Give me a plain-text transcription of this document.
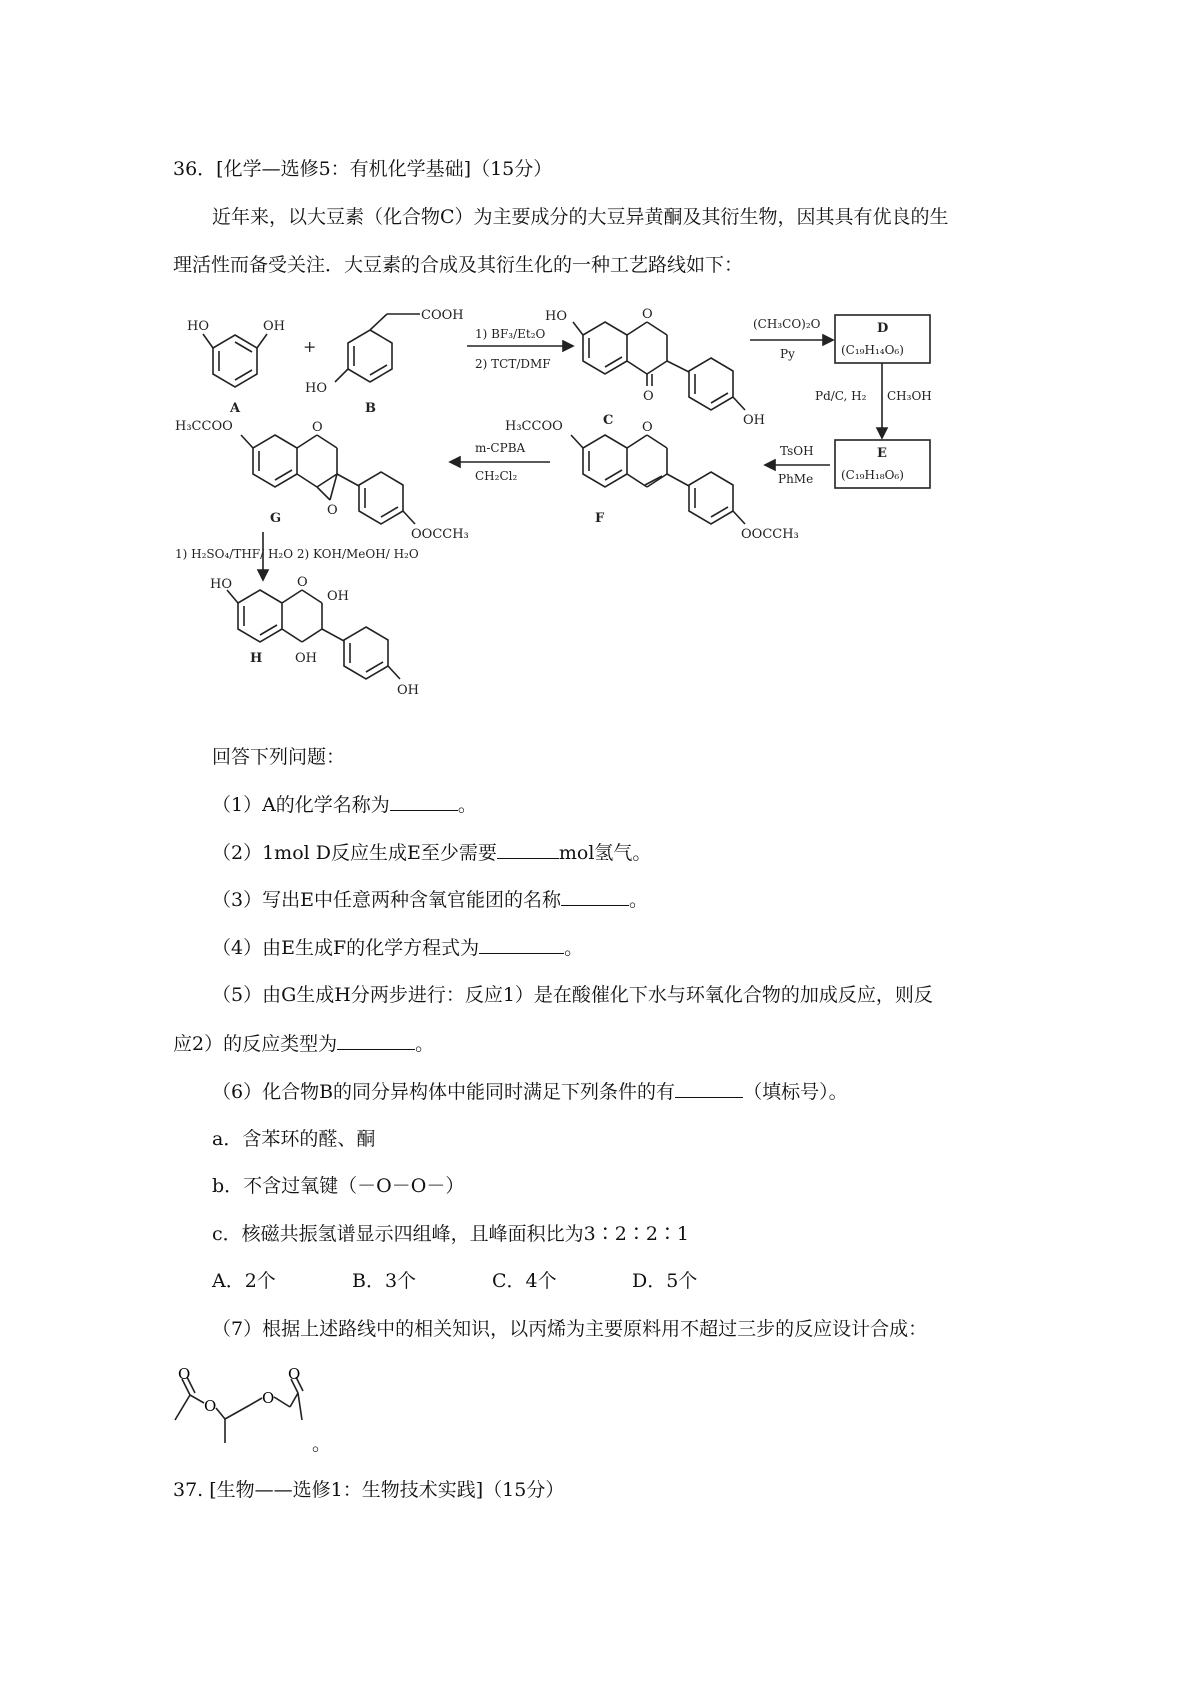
36．[化学—选修5：有机化学基础]（15分）
近年来，以大豆素（化合物C）为主要成分的大豆异黄酮及其衍生物，因其具有优良的生
理活性而备受关注．大豆素的合成及其衍生化的一种工艺路线如下：
HO	OH
A
+
COOH
HO
B
1) BF₃/Et₂O
2) TCT/DMF
HO	O
O
OH
C
(CH₃CO)₂O
Py
D
(C₁₉H₁₄O₆)
Pd/C, H₂ CH₃OH
E
(C₁₉H₁₈O₆)
TsOH
PhMe
H₃CCOO	O
OOCCH₃
F
m-CPBA
CH₂Cl₂
H₃CCOO	O
O
OOCCH₃
G
1) H₂SO₄/THF/ H₂O 2) KOH/MeOH/ H₂O
HO	O
OH
OH
OH
H
回答下列问题：
（1）A的化学名称为	。
（2）1mol D反应生成E至少需要	mol氢气。
（3）写出E中任意两种含氧官能团的名称	。
（4）由E生成F的化学方程式为	。
（5）由G生成H分两步进行：反应1）是在酸催化下水与环氧化合物的加成反应，则反
应2）的反应类型为	。
（6）化合物B的同分异构体中能同时满足下列条件的有	（填标号）。
a．含苯环的醛、酮
b．不含过氧键（－O－O－）
c．核磁共振氢谱显示四组峰，且峰面积比为3∶2∶2∶1
A．2个	B．3个	C．4个	D．5个
（7）根据上述路线中的相关知识，以丙烯为主要原料用不超过三步的反应设计合成：
O
O	O
O
。
37. [生物——选修1：生物技术实践]（15分）
